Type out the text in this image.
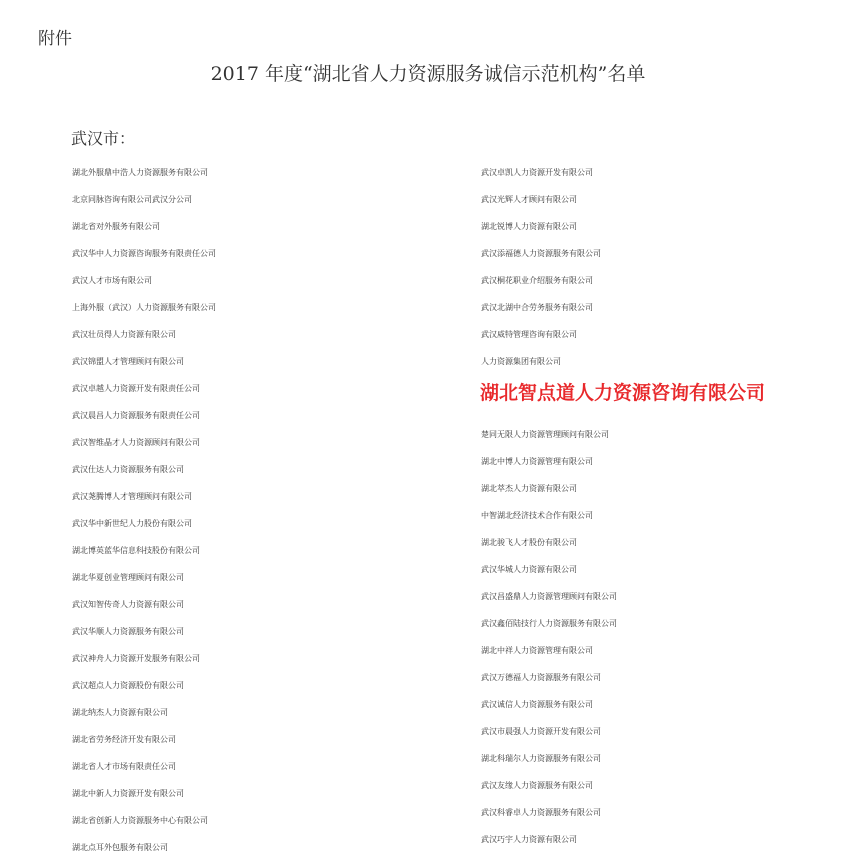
附件
2017 年度“湖北省人力资源服务诚信示范机构”名单
武汉市：
湖北外服鼎中浩人力资源服务有限公司
北京同脉咨询有限公司武汉分公司
湖北省对外服务有限公司
武汉华中人力资源咨询服务有限责任公司
武汉人才市场有限公司
上海外服（武汉）人力资源服务有限公司
武汉壮员得人力资源有限公司
武汉锦盟人才管理顾问有限公司
武汉卓越人力资源开发有限责任公司
武汉晨昌人力资源服务有限责任公司
武汉智维晶才人力资源顾问有限公司
武汉仕达人力资源服务有限公司
武汉荛腾博人才管理顾问有限公司
武汉华中新世纪人力股份有限公司
湖北博英蓝华信息科技股份有限公司
湖北华夏创业管理顾问有限公司
武汉知智传奇人力资源有限公司
武汉华顺人力资源服务有限公司
武汉神舟人力资源开发服务有限公司
武汉超点人力资源股份有限公司
湖北纳杰人力资源有限公司
湖北省劳务经济开发有限公司
湖北省人才市场有限责任公司
湖北中新人力资源开发有限公司
湖北省创新人力资源服务中心有限公司
湖北点耳外包服务有限公司
武汉卓凯人力资源开发有限公司
武汉光辉人才顾问有限公司
湖北锐博人力资源有限公司
武汉添福德人力资源服务有限公司
武汉桐花职业介绍服务有限公司
武汉北湖中合劳务服务有限公司
武汉威特管理咨询有限公司
人力资源集团有限公司
湖北智点道人力资源咨询有限公司
楚同无限人力资源管理顾问有限公司
湖北中博人力资源管理有限公司
湖北萃杰人力资源有限公司
中智湖北经济技术合作有限公司
湖北骏飞人才股份有限公司
武汉华城人力资源有限公司
武汉昌盛鼎人力资源管理顾问有限公司
武汉鑫佰陆技行人力资源服务有限公司
湖北中祥人力资源管理有限公司
武汉万德福人力资源服务有限公司
武汉诚信人力资源服务有限公司
武汉市晨强人力资源开发有限公司
湖北科瑞尔人力资源服务有限公司
武汉友缘人力资源服务有限公司
武汉科睿卓人力资源服务有限公司
武汉巧宇人力资源有限公司
